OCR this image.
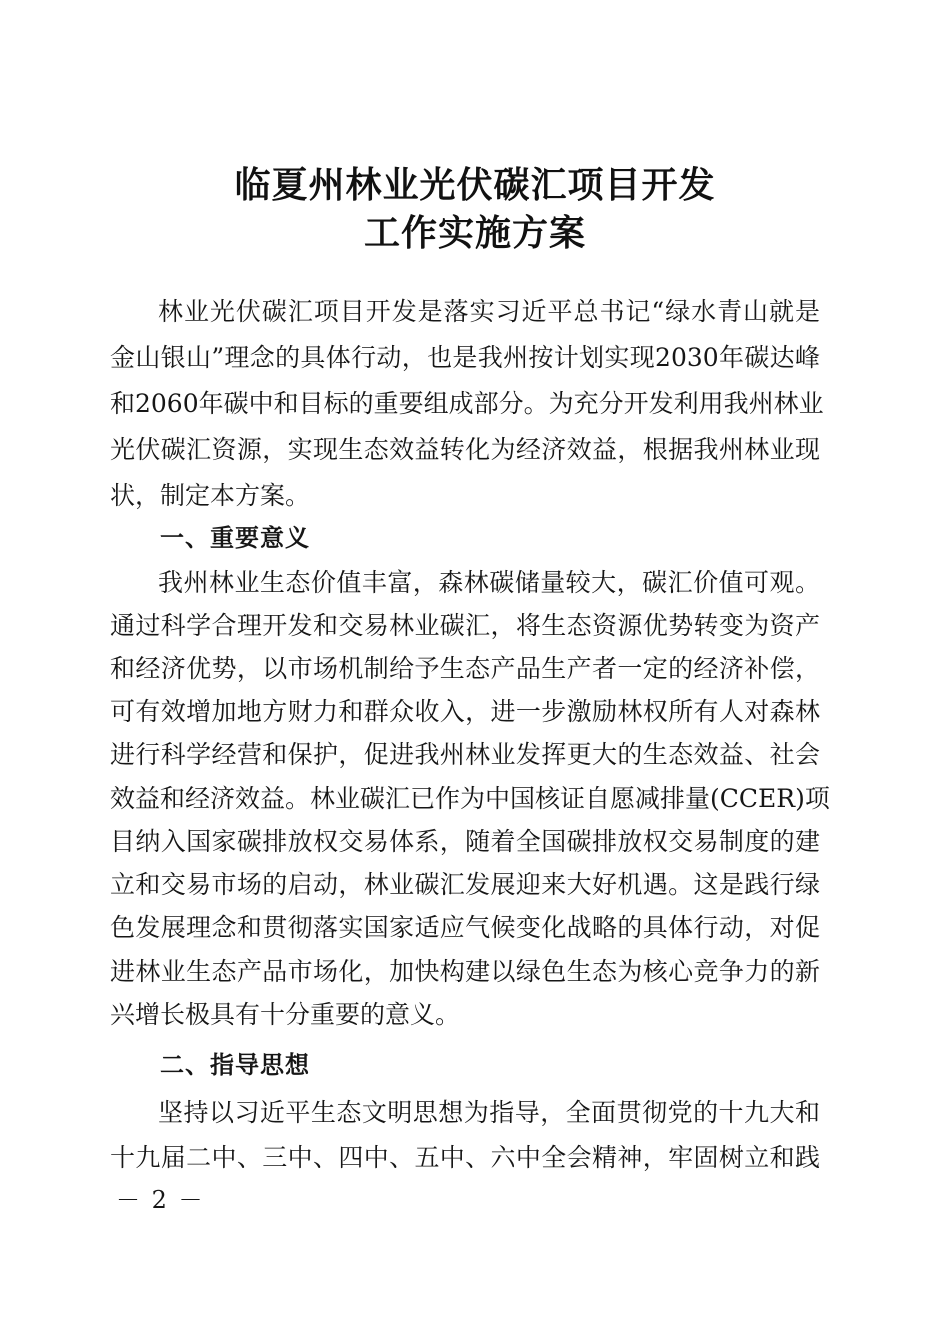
临夏州林业光伏碳汇项目开发
工作实施方案
林业光伏碳汇项目开发是落实习近平总书记“绿水青山就是
金山银山”理念的具体行动，也是我州按计划实现2030年碳达峰
和2060年碳中和目标的重要组成部分。为充分开发利用我州林业
光伏碳汇资源，实现生态效益转化为经济效益，根据我州林业现
状，制定本方案。
一、重要意义
我州林业生态价值丰富，森林碳储量较大，碳汇价值可观。
通过科学合理开发和交易林业碳汇，将生态资源优势转变为资产
和经济优势，以市场机制给予生态产品生产者一定的经济补偿，
可有效增加地方财力和群众收入，进一步激励林权所有人对森林
进行科学经营和保护，促进我州林业发挥更大的生态效益、社会
效益和经济效益。林业碳汇已作为中国核证自愿减排量(CCER)项
目纳入国家碳排放权交易体系，随着全国碳排放权交易制度的建
立和交易市场的启动，林业碳汇发展迎来大好机遇。这是践行绿
色发展理念和贯彻落实国家适应气候变化战略的具体行动，对促
进林业生态产品市场化，加快构建以绿色生态为核心竞争力的新
兴增长极具有十分重要的意义。
二、指导思想
坚持以习近平生态文明思想为指导，全面贯彻党的十九大和
十九届二中、三中、四中、五中、六中全会精神，牢固树立和践
－ 2 －
